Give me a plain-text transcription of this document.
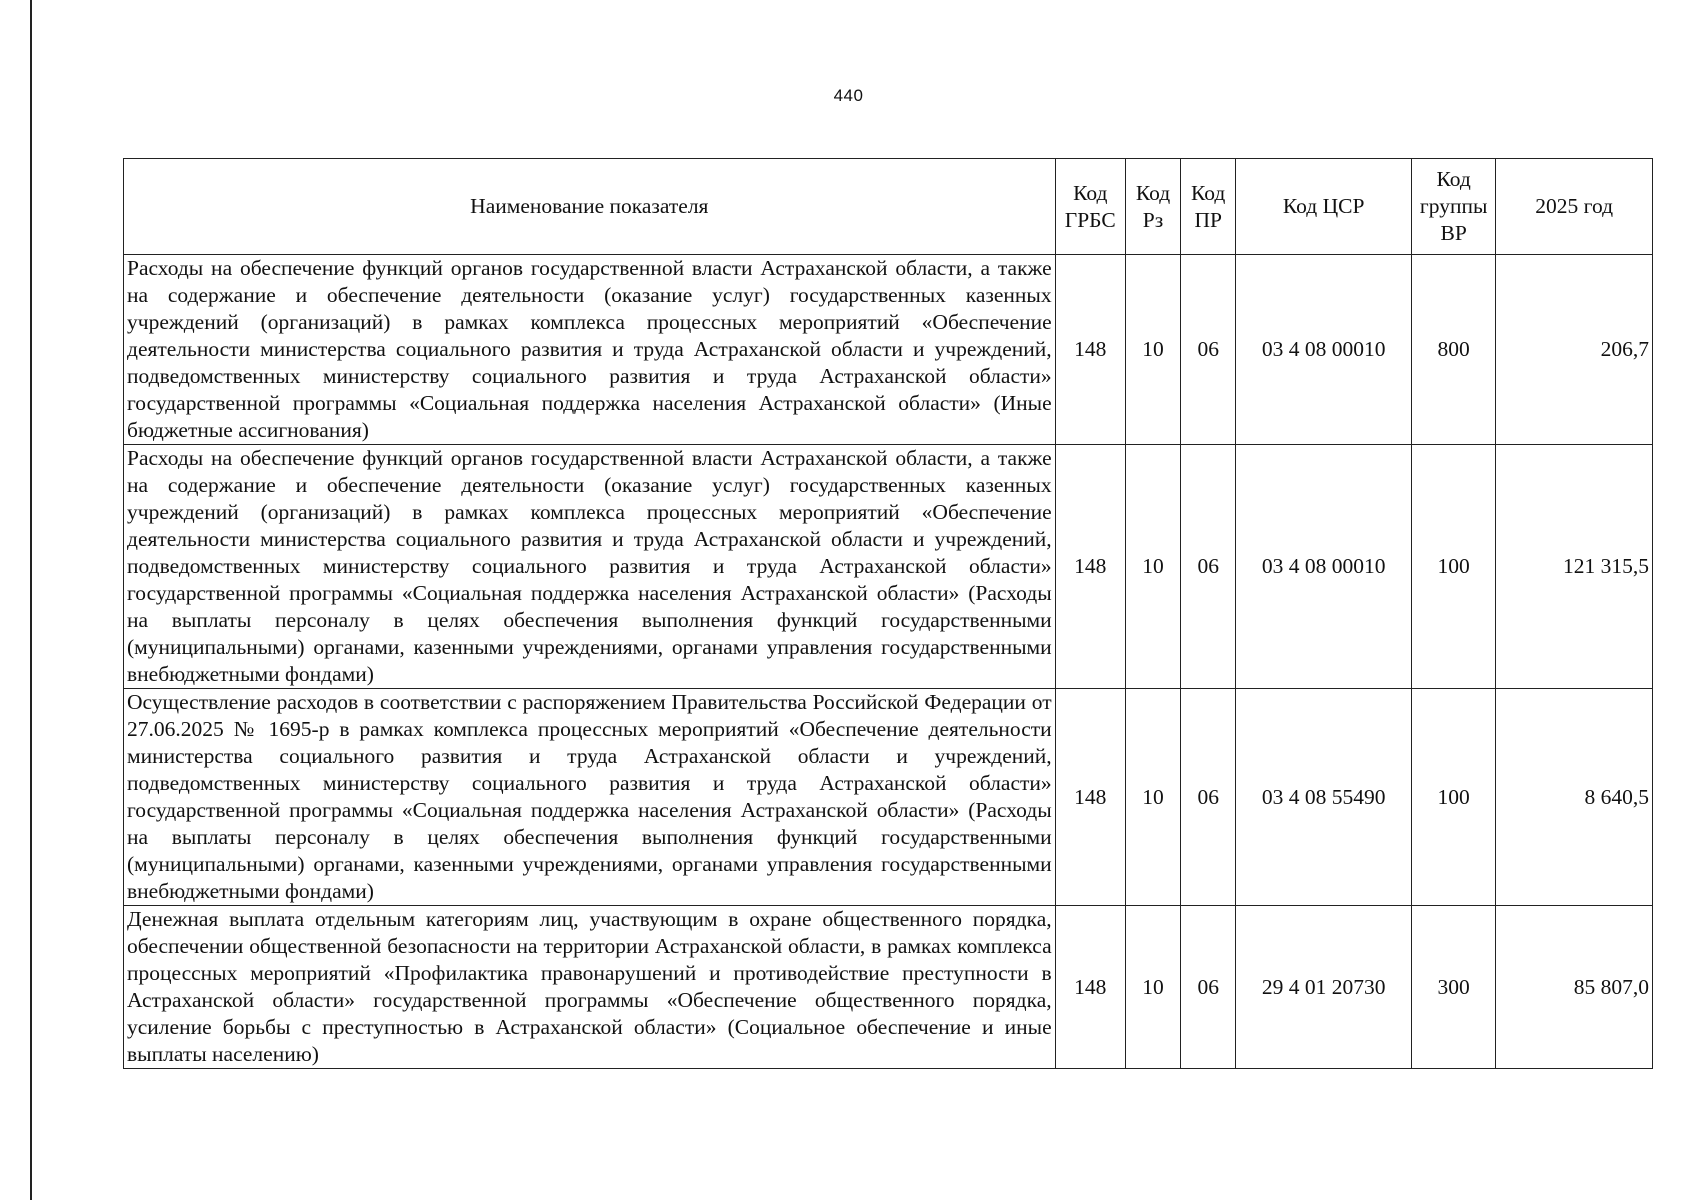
440
Наименование показателя	Код ГРБС	Код Рз	Код ПР	Код ЦСР	Код группы ВР	2025 год
Расходы на обеспечение функций органов государственной власти Астраханской области, а также на содержание и обеспечение деятельности (оказание услуг) государственных казенных учреждений (организаций) в рамках комплекса процессных мероприятий «Обеспечение деятельности министерства социального развития и труда Астраханской области и учреждений, подведомственных министерству социального развития и труда Астраханской области» государственной программы «Социальная поддержка населения Астраханской области» (Иные бюджетные ассигнования)	148	10	06	03 4 08 00010	800	206,7
Расходы на обеспечение функций органов государственной власти Астраханской области, а также на содержание и обеспечение деятельности (оказание услуг) государственных казенных учреждений (организаций) в рамках комплекса процессных мероприятий «Обеспечение деятельности министерства социального развития и труда Астраханской области и учреждений, подведомственных министерству социального развития и труда Астраханской области» государственной программы «Социальная поддержка населения Астраханской области» (Расходы на выплаты персоналу в целях обеспечения выполнения функций государственными (муниципальными) органами, казенными учреждениями, органами управления государственными внебюджетными фондами)	148	10	06	03 4 08 00010	100	121 315,5
Осуществление расходов в соответствии с распоряжением Правительства Российской Федерации от 27.06.2025 № 1695-р в рамках комплекса процессных мероприятий «Обеспечение деятельности министерства социального развития и труда Астраханской области и учреждений, подведомственных министерству социального развития и труда Астраханской области» государственной программы «Социальная поддержка населения Астраханской области» (Расходы на выплаты персоналу в целях обеспечения выполнения функций государственными (муниципальными) органами, казенными учреждениями, органами управления государственными внебюджетными фондами)	148	10	06	03 4 08 55490	100	8 640,5
Денежная выплата отдельным категориям лиц, участвующим в охране общественного порядка, обеспечении общественной безопасности на территории Астраханской области, в рамках комплекса процессных мероприятий «Профилактика правонарушений и противодействие преступности в Астраханской области» государственной программы «Обеспечение общественного порядка, усиление борьбы с преступностью в Астраханской области» (Социальное обеспечение и иные выплаты населению)	148	10	06	29 4 01 20730	300	85 807,0
